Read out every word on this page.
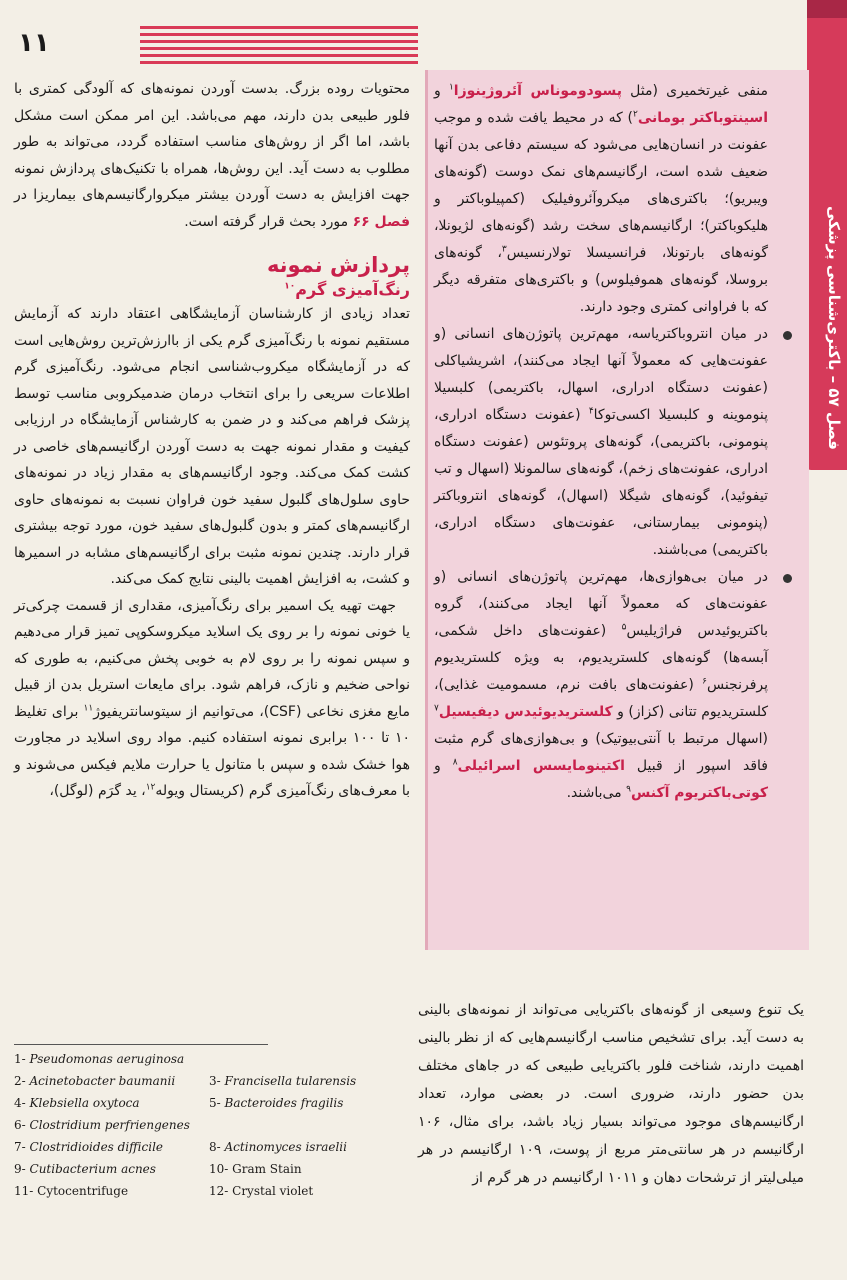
١١
فصل ۵۷ – باکتری‌شناسی پزشکی

محتویات روده بزرگ. بدست آوردن نمونه‌های که آلودگی کمتری با فلور طبیعی بدن دارند، مهم می‌باشد. این امر ممکن است مشکل باشد، اما اگر از روش‌های مناسب استفاده گردد، می‌تواند به طور مطلوب به دست آید. این روش‌ها، همراه با تکنیک‌های پردازش نمونه جهت افزایش به دست آوردن بیشتر میکروارگانیسم‌های بیماریزا در فصل ۶۶ مورد بحث قرار گرفته است.

پردازش نمونه

رنگ‌آمیزی گرم$^{۱۰}$

تعداد زیادی از کارشناسان آزمایشگاهی اعتقاد دارند که آزمایش مستقیم نمونه با رنگ‌آمیزی گرم یکی از باارزش‌ترین روش‌هایی است که در آزمایشگاه میکروب‌شناسی انجام می‌شود. رنگ‌آمیزی گرم اطلاعات سریعی را برای انتخاب درمان ضدمیکروبی مناسب توسط پزشک فراهم می‌کند و در ضمن به کارشناس آزمایشگاه در ارزیابی کیفیت و مقدار نمونه جهت به دست آوردن ارگانیسم‌های خاصی در کشت کمک می‌کند. وجود ارگانیسم‌های به مقدار زیاد در نمونه‌های حاوی سلول‌های گلبول سفید خون فراوان نسبت به نمونه‌های حاوی ارگانیسم‌های کمتر و بدون گلبول‌های سفید خون، مورد توجه بیشتری قرار دارند. چندین نمونه مثبت برای ارگانیسم‌های مشابه در اسمیرها و کشت، به افزایش اهمیت بالینی نتایج کمک می‌کند.

جهت تهیه یک اسمیر برای رنگ‌آمیزی، مقداری از قسمت چرکی‌تر یا خونی نمونه را بر روی یک اسلاید میکروسکوپی تمیز قرار می‌دهیم و سپس نمونه را بر روی لام به خوبی پخش می‌کنیم، به طوری که نواحی ضخیم و نازک، فراهم شود. برای مایعات استریل بدن از قبیل مایع مغزی نخاعی (CSF)، می‌توانیم از سیتوسانتریفیوژ$^{۱۱}$ برای تغلیظ ۱۰ تا ۱۰۰ برابری نمونه استفاده کنیم. مواد روی اسلاید در مجاورت هوا خشک شده و سپس با متانول یا حرارت ملایم فیکس می‌شوند و با معرف‌های رنگ‌آمیزی گرم (کریستال ویوله$^{۱۲}$، ید گرَم (لوگل)،

منفی غیرتخمیری (مثل پسودوموناس آئروژینوزا$^۱$ و اسینتوباکتر بومانی$^۲$) که در محیط یافت شده و موجب عفونت در انسان‌هایی می‌شود که سیستم دفاعی بدن آنها ضعیف شده است، ارگانیسم‌های نمک دوست (گونه‌های ویبریو)؛ باکتری‌های میکروآئروفیلیک (کمپیلوباکتر و هلیکوباکتر)؛ ارگانیسم‌های سخت رشد (گونه‌های لژیونلا، گونه‌های بارتونلا، فرانسیسلا تولارنسیس$^۳$، گونه‌های بروسلا، گونه‌های هموفیلوس) و باکتری‌های متفرقه دیگر که با فراوانی کمتری وجود دارند.

در میان انتروباکتریاسه، مهم‌ترین پاتوژن‌های انسانی (و عفونت‌هایی که معمولاً آنها ایجاد می‌کنند)، اشریشیاکلی (عفونت دستگاه ادراری، اسهال، باکتریمی) کلبسیلا پنوموینه و کلبسیلا اکسی‌توکا$^۴$ (عفونت دستگاه ادراری، پنومونی، باکتریمی)، گونه‌های پروتئوس (عفونت دستگاه ادراری، عفونت‌های زخم)، گونه‌های سالمونلا (اسهال و تب تیفوئید)، گونه‌های شیگلا (اسهال)، گونه‌های انتروباکتر (پنومونی بیمارستانی، عفونت‌های دستگاه ادراری، باکتریمی) می‌باشند.

در میان بی‌هوازی‌ها، مهم‌ترین پاتوژن‌های انسانی (و عفونت‌های که معمولاً آنها ایجاد می‌کنند)، گروه باکتریوئیدس فراژیلیس$^۵$ (عفونت‌های داخل شکمی، آبسه‌ها) گونه‌های کلستریدیوم، به ویژه کلستریدیوم پرفرنجنس$^۶$ (عفونت‌های بافت نرم، مسمومیت غذایی)، کلستریدیوم تتانی (کزاز) و کلستریدیوئیدس دیفیسیل$^۷$ (اسهال مرتبط با آنتی‌بیوتیک) و بی‌هوازی‌های گرم مثبت فاقد اسپور از قبیل اکتینومایسس اسرائیلی$^۸$ و کوتی‌باکتریوم آکنس$^۹$ می‌باشند.

یک تنوع وسیعی از گونه‌های باکتریایی می‌تواند از نمونه‌های بالینی به دست آید. برای تشخیص مناسب ارگانیسم‌هایی که از نظر بالینی اهمیت دارند، شناخت فلور باکتریایی طبیعی که در جاهای مختلف بدن حضور دارند، ضروری است. در بعضی موارد، تعداد ارگانیسم‌های موجود می‌تواند بسیار زیاد باشد، برای مثال، ۱۰۶ ارگانیسم در هر سانتی‌متر مربع از پوست، ۱۰۹ ارگانیسم در هر میلی‌لیتر از ترشحات دهان و ۱۰۱۱ ارگانیسم در هر گرم از
1- Pseudomonas aeruginosa
2- Acinetobacter baumanii	3- Francisella tularensis
4- Klebsiella oxytoca	5- Bacteroides fragilis
6- Clostridium perfriengenes
7- Clostridioides difficile	8- Actinomyces israelii
9- Cutibacterium acnes	10- Gram Stain
11- Cytocentrifuge	12- Crystal violet
